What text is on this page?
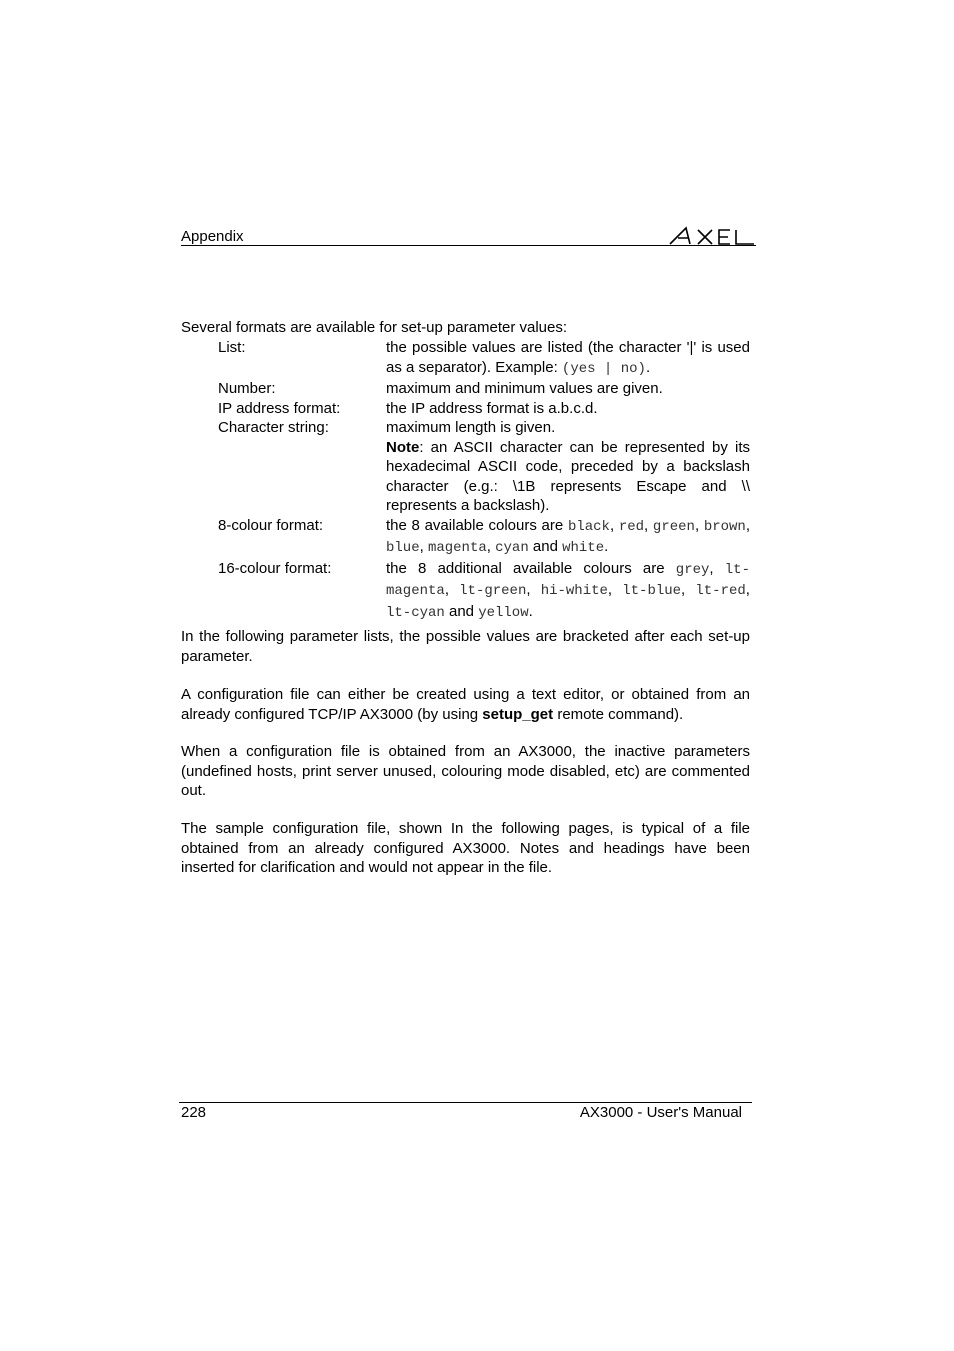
Appendix
Several formats are available for set-up parameter values:
List:	the possible values are listed (the character '|' is used as a separator). Example: (yes | no).
Number:	maximum and minimum values are given.
IP address format:	the IP address format is a.b.c.d.
Character string:	maximum length is given.
Note: an ASCII character can be represented by its hexadecimal ASCII code, preceded by a backslash character (e.g.: \1B represents Escape and \\ represents a backslash).
8-colour format:	the 8 available colours are black, red, green, brown, blue, magenta, cyan and white.
16-colour format:	the 8 additional available colours are grey, lt-magenta, lt-green, hi-white, lt-blue, lt-red, lt-cyan and yellow.
In the following parameter lists, the possible values are bracketed after each set-up parameter.
A configuration file can either be created using a text editor, or obtained from an already configured TCP/IP AX3000 (by using setup_get remote command).
When a configuration file is obtained from an AX3000, the inactive parameters (undefined hosts, print server unused, colouring mode disabled, etc) are commented out.
The sample configuration file, shown In the following pages, is typical of a file obtained from an already configured AX3000. Notes and headings have been inserted for clarification and would not appear in the file.
228	AX3000 - User's Manual
